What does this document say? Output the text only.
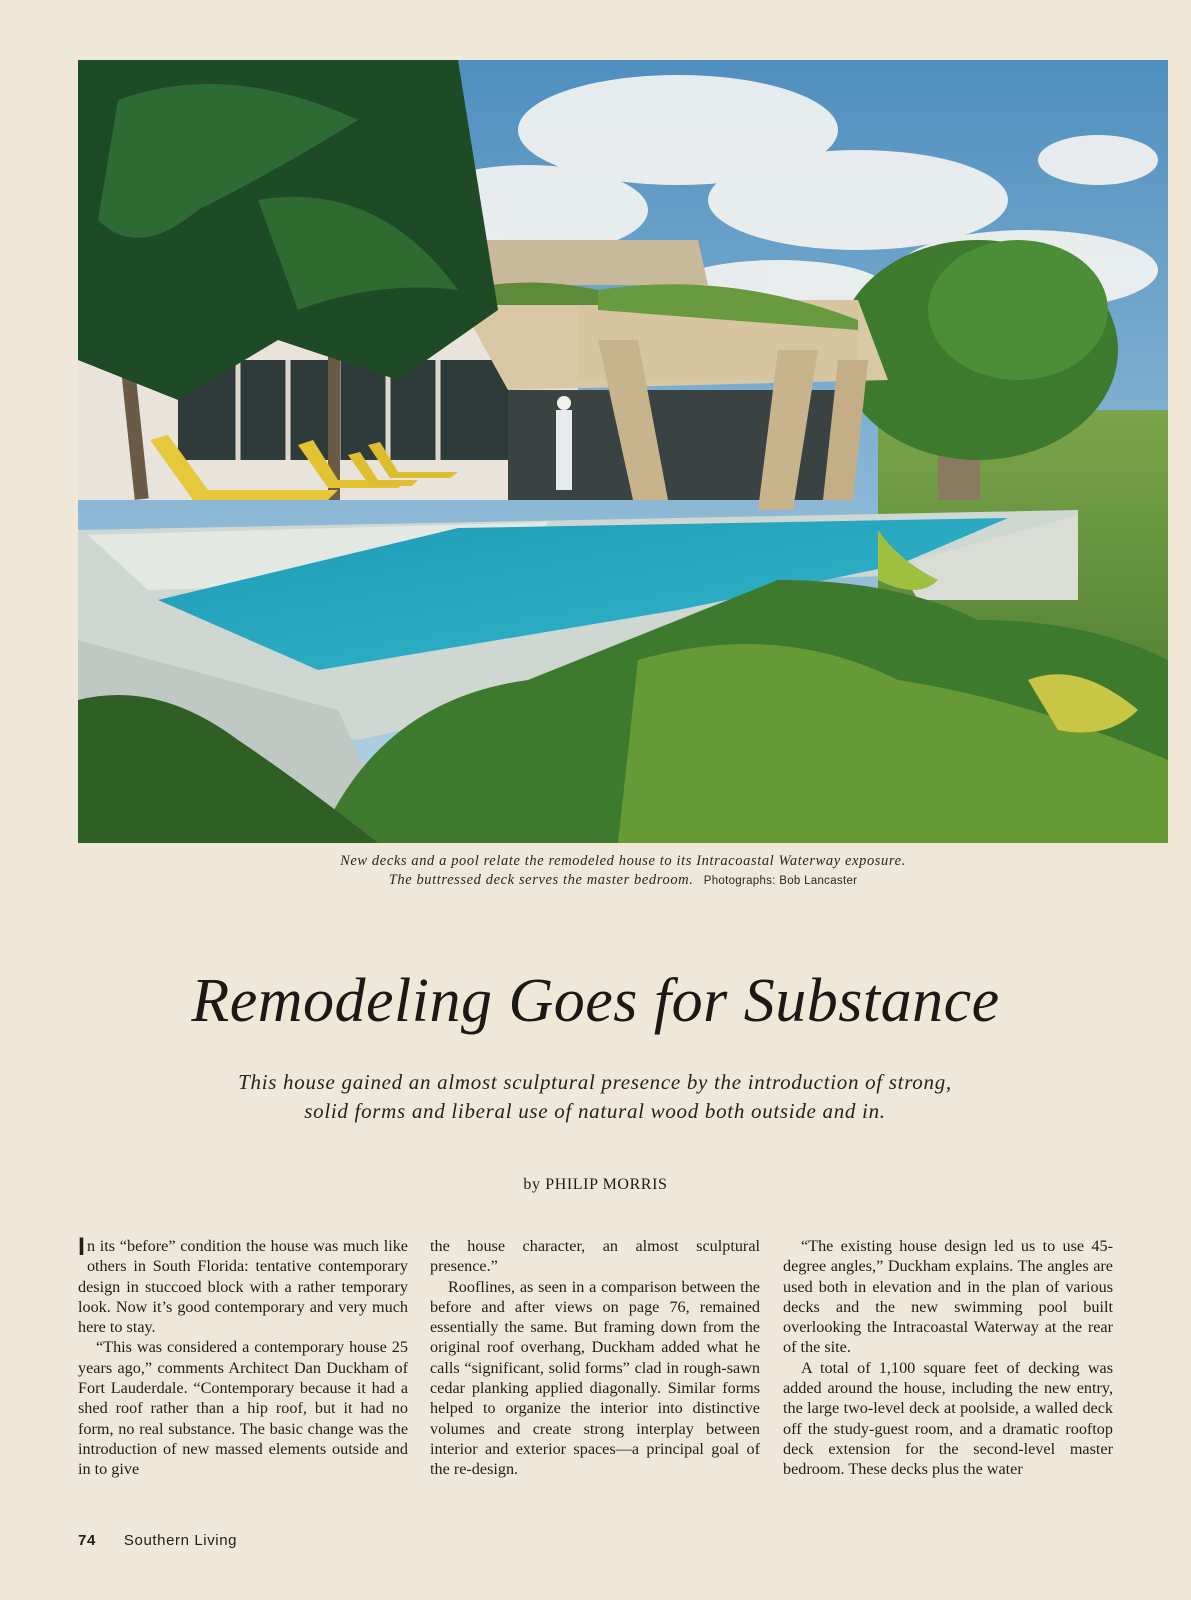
New decks and a pool relate the remodeled house to its Intracoastal Waterway exposure.
The buttressed deck serves the master bedroom. Photographs: Bob Lancaster
Remodeling Goes for Substance
This house gained an almost sculptural presence by the introduction of strong,
solid forms and liberal use of natural wood both outside and in.
by PHILIP MORRIS

In its “before” condition the house was much like others in South Florida: tentative contemporary design in stuccoed block with a rather temporary look. Now it’s good contemporary and very much here to stay.

“This was considered a contemporary house 25 years ago,” comments Architect Dan Duckham of Fort Lauderdale. “Contemporary because it had a shed roof rather than a hip roof, but it had no form, no real substance. The basic change was the introduction of new massed elements outside and in to give

the house character, an almost sculptural presence.”

Rooflines, as seen in a comparison between the before and after views on page 76, remained essentially the same. But framing down from the original roof overhang, Duckham added what he calls “significant, solid forms” clad in rough-sawn cedar planking applied diagonally. Similar forms helped to organize the interior into distinctive volumes and create strong interplay between interior and exterior spaces—a principal goal of the re-design.

“The existing house design led us to use 45-degree angles,” Duckham explains. The angles are used both in elevation and in the plan of various decks and the new swimming pool built overlooking the Intracoastal Waterway at the rear of the site.

A total of 1,100 square feet of decking was added around the house, including the new entry, the large two-level deck at poolside, a walled deck off the study-guest room, and a dramatic rooftop deck extension for the second-level master bedroom. These decks plus the water

74 Southern Living
